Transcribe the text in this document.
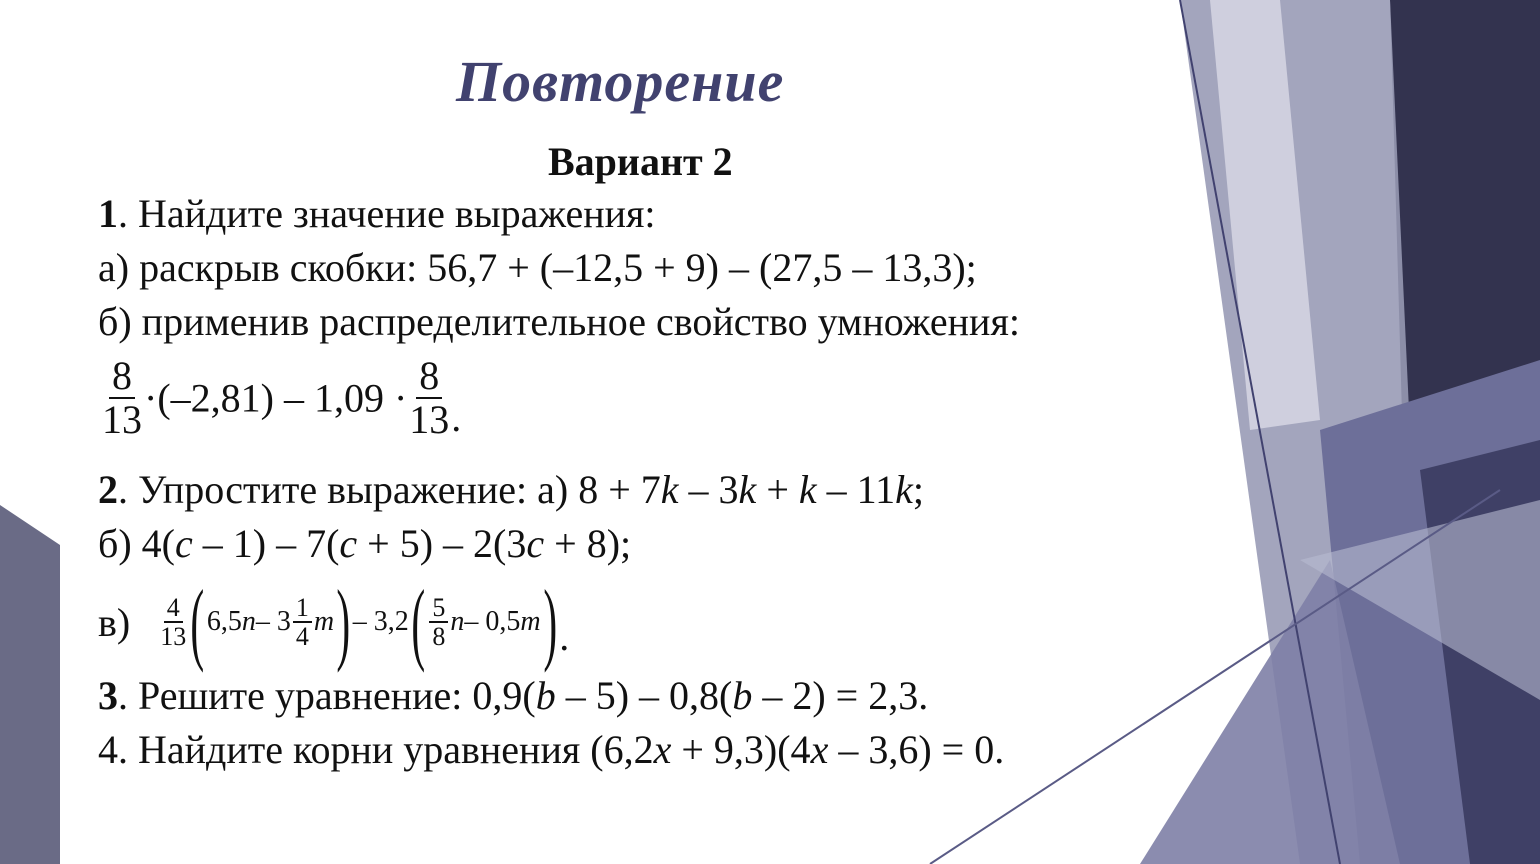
Повторение
Вариант 2
1. Найдите значение выражения:
а) раскрыв скобки: 56,7 + (–12,5 + 9) – (27,5 – 13,3);
б) применив распределительное свойство умножения:
$\frac{8}{13} \cdot(-2,81) - 1,09 \cdot \frac{8}{13}$ .
2. Упростите выражение: а) 8 + 7k – 3k + k – 11k;
б) 4(c – 1) – 7(c + 5) – 2(3c + 8);
$в) \frac{4}{13}$ ( 6,5 n – $3 \frac{1}{4}$ m ) – 3,2 ( $\frac{5}{8}$ n – 0,5 m ) .
3. Решите уравнение: 0,9(b – 5) – 0,8(b – 2) = 2,3.
4. Найдите корни уравнения (6,2x + 9,3)(4x – 3,6) = 0.
